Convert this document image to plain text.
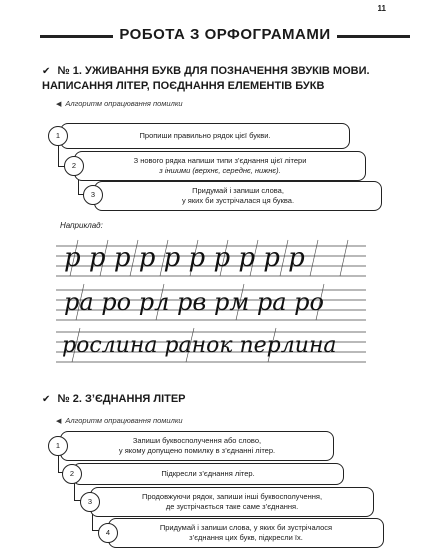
11
РОБОТА З ОРФОГРАМАМИ
✔ № 1. УЖИВАННЯ БУКВ ДЛЯ ПОЗНАЧЕННЯ ЗВУКІВ МОВИ.
НАПИСАННЯ ЛІТЕР, ПОЄДНАННЯ ЕЛЕМЕНТІВ БУКВ
◀ Алгоритм опрацювання помилки
Пропиши правильно рядок цієї букви.
1
З нового рядка напиши типи з’єднання цієї літери
з іншими (верхнє, середнє, нижнє).
2
Придумай і запиши слова,
у яких би зустрічалася ця буква.
3
Наприклад:
р р р р р р р р р р
ра ро рл рв рм ра ро
рослина ранок перлина
✔ № 2. З’ЄДНАННЯ ЛІТЕР
◀ Алгоритм опрацювання помилки
Запиши буквосполучення або слово,
у якому допущено помилку в з’єднанні літер.
1
Підкресли з’єднання літер.
2
Продовжуючи рядок, запиши інші буквосполучення,
де зустрічається таке саме з’єднання.
3
Придумай і запиши слова, у яких би зустрічалося
з’єднання цих букв, підкресли їх.
4
